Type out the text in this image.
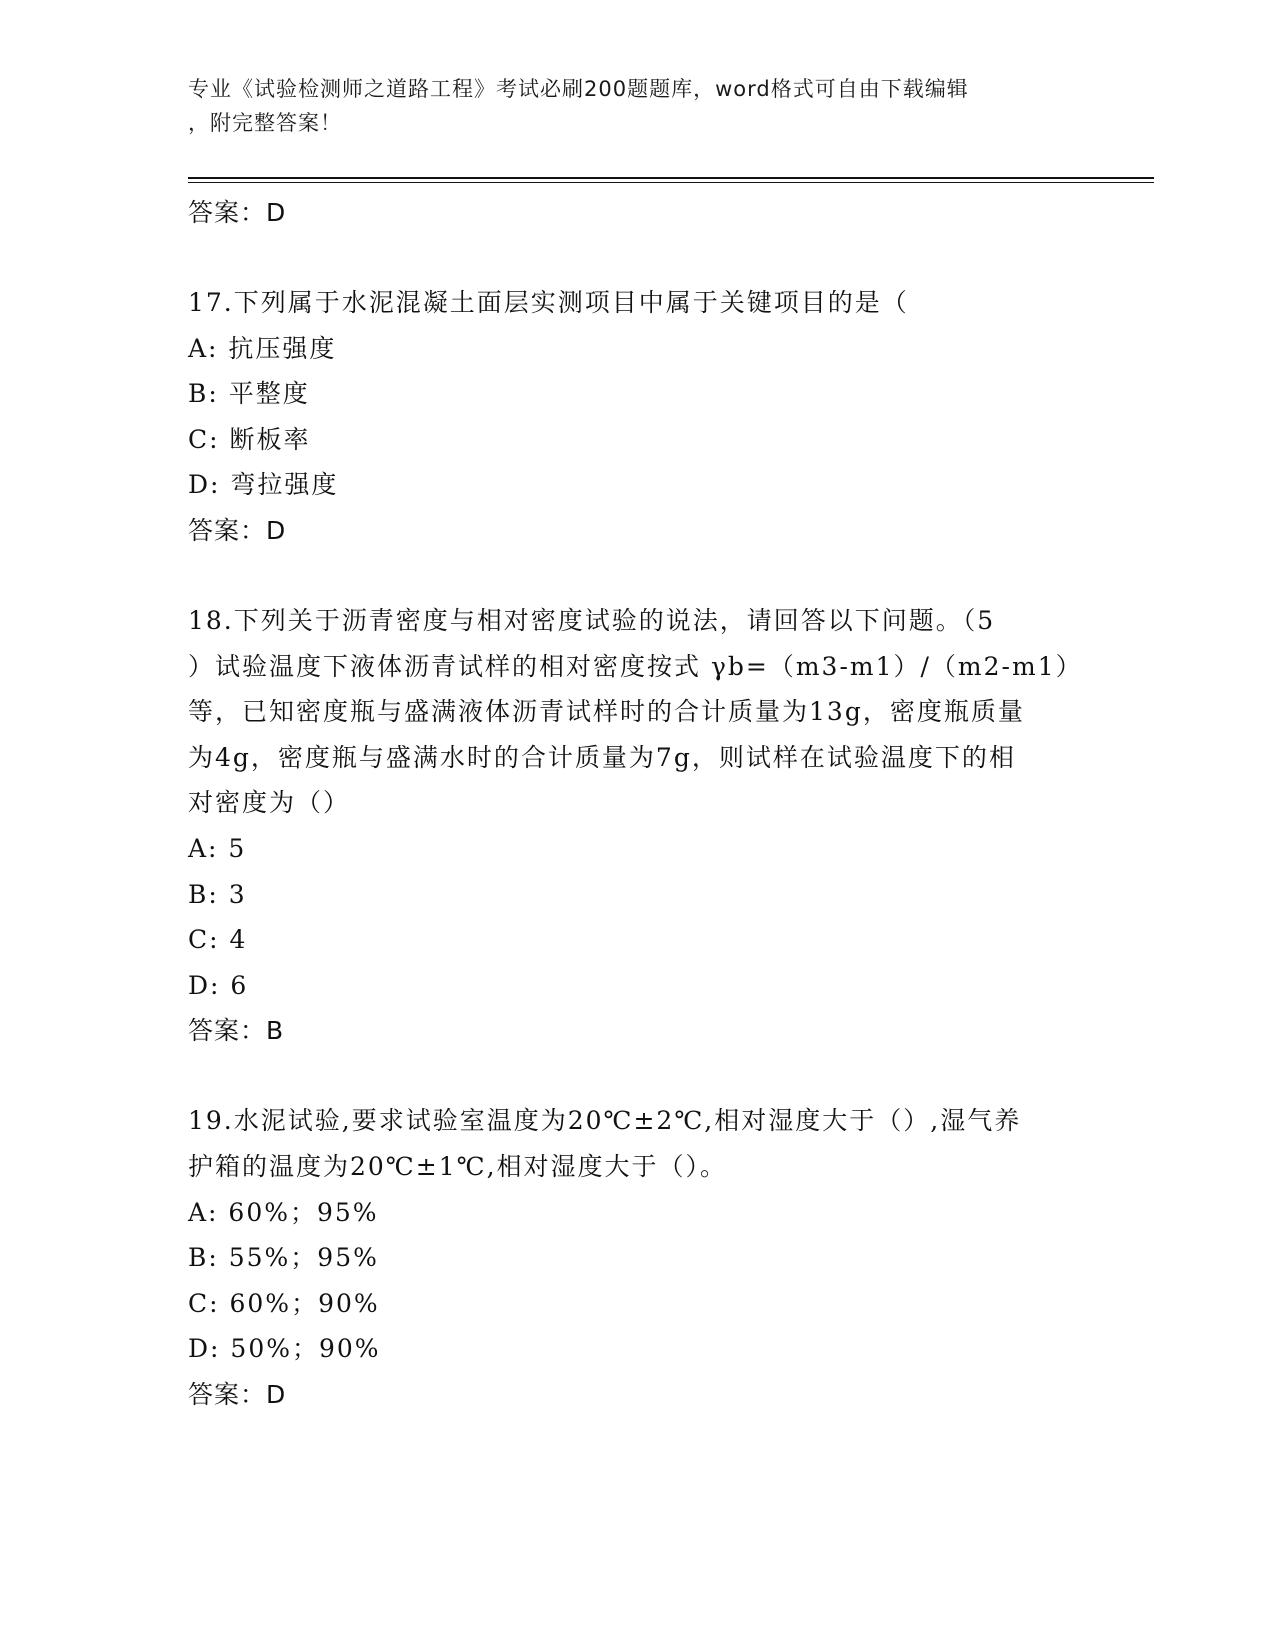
专业《试验检测师之道路工程》考试必刷200题题库，word格式可自由下载编辑
，附完整答案！
答案：D
17.下列属于水泥混凝土面层实测项目中属于关键项目的是（
A: 抗压强度
B: 平整度
C: 断板率
D: 弯拉强度
答案：D
18.下列关于沥青密度与相对密度试验的说法，请回答以下问题。（5
）试验温度下液体沥青试样的相对密度按式 γb=（m3-m1）/（m2-m1）
等，已知密度瓶与盛满液体沥青试样时的合计质量为13g，密度瓶质量
为4g，密度瓶与盛满水时的合计质量为7g，则试样在试验温度下的相
对密度为（）
A: 5
B: 3
C: 4
D: 6
答案：B
19.水泥试验,要求试验室温度为20℃±2℃,相对湿度大于（）,湿气养
护箱的温度为20℃±1℃,相对湿度大于（）。
A: 60%；95%
B: 55%；95%
C: 60%；90%
D: 50%；90%
答案：D
